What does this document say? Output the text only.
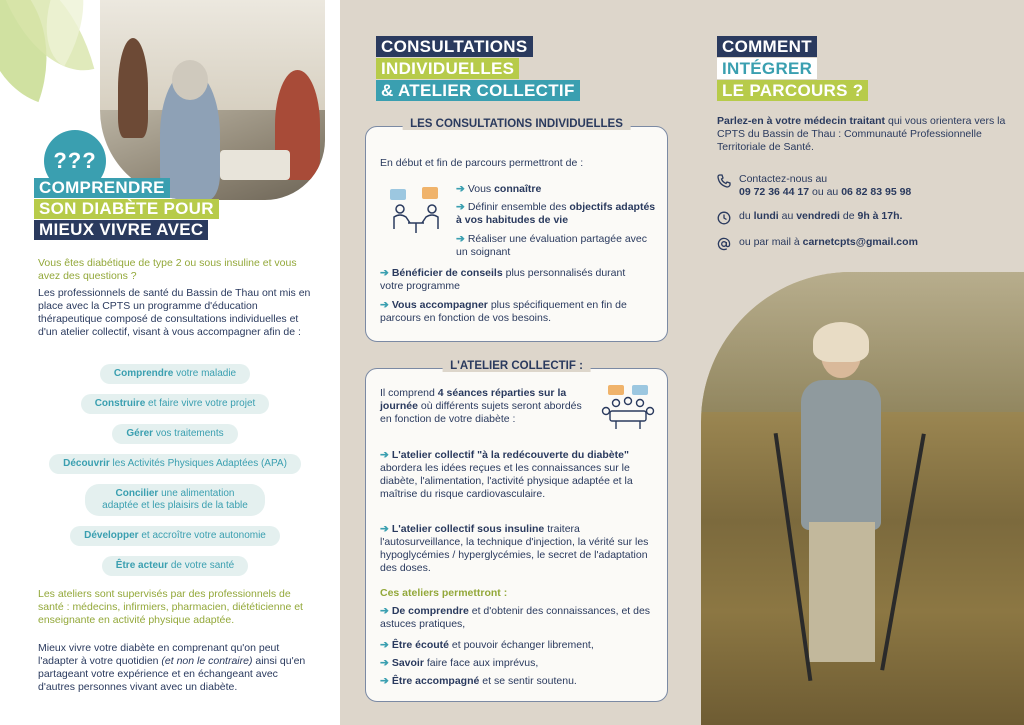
???
COMPRENDRE
SON DIABÈTE POUR
MIEUX VIVRE AVEC
Vous êtes diabétique de type 2 ou sous insuline et vous avez des questions ?
Les professionnels de santé du Bassin de Thau ont mis en place avec la CPTS un programme d'éducation thérapeutique composé de consultations individuelles et d'un atelier collectif, visant à vous accompagner afin de :
Comprendre votre maladie
Construire et faire vivre votre projet
Gérer vos traitements
Découvrir les Activités Physiques Adaptées (APA)
Concilier une alimentation adaptée et les plaisirs de la table
Développer et accroître votre autonomie
Être acteur de votre santé
Les ateliers sont supervisés par des professionnels de santé : médecins, infirmiers, pharmacien, diététicienne et enseignante en activité physique adaptée.
Mieux vivre votre diabète en comprenant qu'on peut l'adapter à votre quotidien (et non le contraire) ainsi qu'en partageant votre expérience et en échangeant avec d'autres personnes vivant avec un diabète.
CONSULTATIONS
INDIVIDUELLES
& ATELIER COLLECTIF
LES CONSULTATIONS INDIVIDUELLES

En début et fin de parcours permettront de :

➔ Vous connaître
➔ Définir ensemble des objectifs adaptés à vos habitudes de vie
➔ Réaliser une évaluation partagée avec un soignant
➔ Bénéficier de conseils plus personnalisés durant votre programme
➔ Vous accompagner plus spécifiquement en fin de parcours en fonction de vos besoins.
L'ATELIER COLLECTIF :
Il comprend 4 séances réparties sur la journée où différents sujets seront abordés en fonction de votre diabète :
➔ L'atelier collectif "à la redécouverte du diabète" abordera les idées reçues et les connaissances sur le diabète, l'alimentation, l'activité physique adaptée et la maîtrise du risque cardiovasculaire.
➔ L'atelier collectif sous insuline traitera l'autosurveillance, la technique d'injection, la vérité sur les hypoglycémies / hyperglycémies, le secret de l'adaptation des doses.
Ces ateliers permettront :
➔ De comprendre et d'obtenir des connaissances, et des astuces pratiques,
➔ Être écouté et pouvoir échanger librement,
➔ Savoir faire face aux imprévus,
➔ Être accompagné et se sentir soutenu.
COMMENT
INTÉGRER
LE PARCOURS ?
Parlez-en à votre médecin traitant qui vous orientera vers la CPTS du Bassin de Thau : Communauté Professionnelle Territoriale de Santé.
Contactez-nous au
09 72 36 44 17 ou au 06 82 83 95 98
du lundi au vendredi de 9h à 17h.
ou par mail à carnetcpts@gmail.com
